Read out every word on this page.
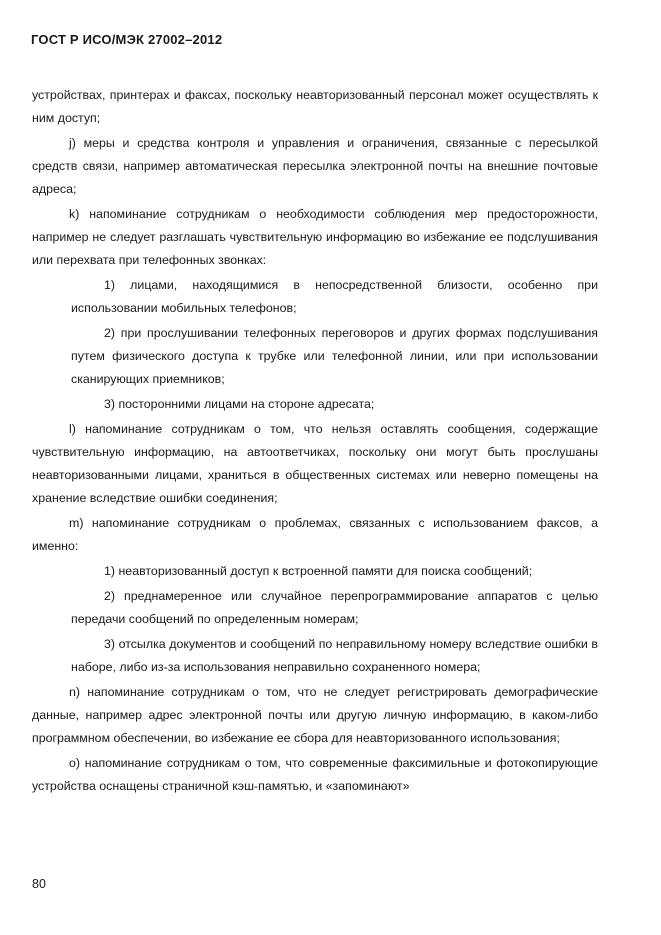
ГОСТ Р ИСО/МЭК 27002–2012

устройствах, принтерах и факсах, поскольку неавторизованный персонал может осуществлять к ним доступ;

j) меры и средства контроля и управления и ограничения, связанные с пересылкой средств связи, например автоматическая пересылка электронной почты на внешние почтовые адреса;

k) напоминание сотрудникам о необходимости соблюдения мер предосторожности, например не следует разглашать чувствительную информацию во избежание ее подслушивания или перехвата при телефонных звонках:

1) лицами, находящимися в непосредственной близости, особенно при использовании мобильных телефонов;

2) при прослушивании телефонных переговоров и других формах подслушивания путем физического доступа к трубке или телефонной линии, или при использовании сканирующих приемников;

3) посторонними лицами на стороне адресата;

l) напоминание сотрудникам о том, что нельзя оставлять сообщения, содержащие чувствительную информацию, на автоответчиках, поскольку они могут быть прослушаны неавторизованными лицами, храниться в общественных системах или неверно помещены на хранение вследствие ошибки соединения;

m) напоминание сотрудникам о проблемах, связанных с использованием факсов, а именно:

1) неавторизованный доступ к встроенной памяти для поиска сообщений;

2) преднамеренное или случайное перепрограммирование аппаратов с целью передачи сообщений по определенным номерам;

3) отсылка документов и сообщений по неправильному номеру вследствие ошибки в наборе, либо из-за использования неправильно сохраненного номера;

n) напоминание сотрудникам о том, что не следует регистрировать демографические данные, например адрес электронной почты или другую личную информацию, в каком-либо программном обеспечении, во избежание ее сбора для неавторизованного использования;

o) напоминание сотрудникам о том, что современные факсимильные и фотокопирующие устройства оснащены страничной кэш-памятью, и «запоминают»

80
